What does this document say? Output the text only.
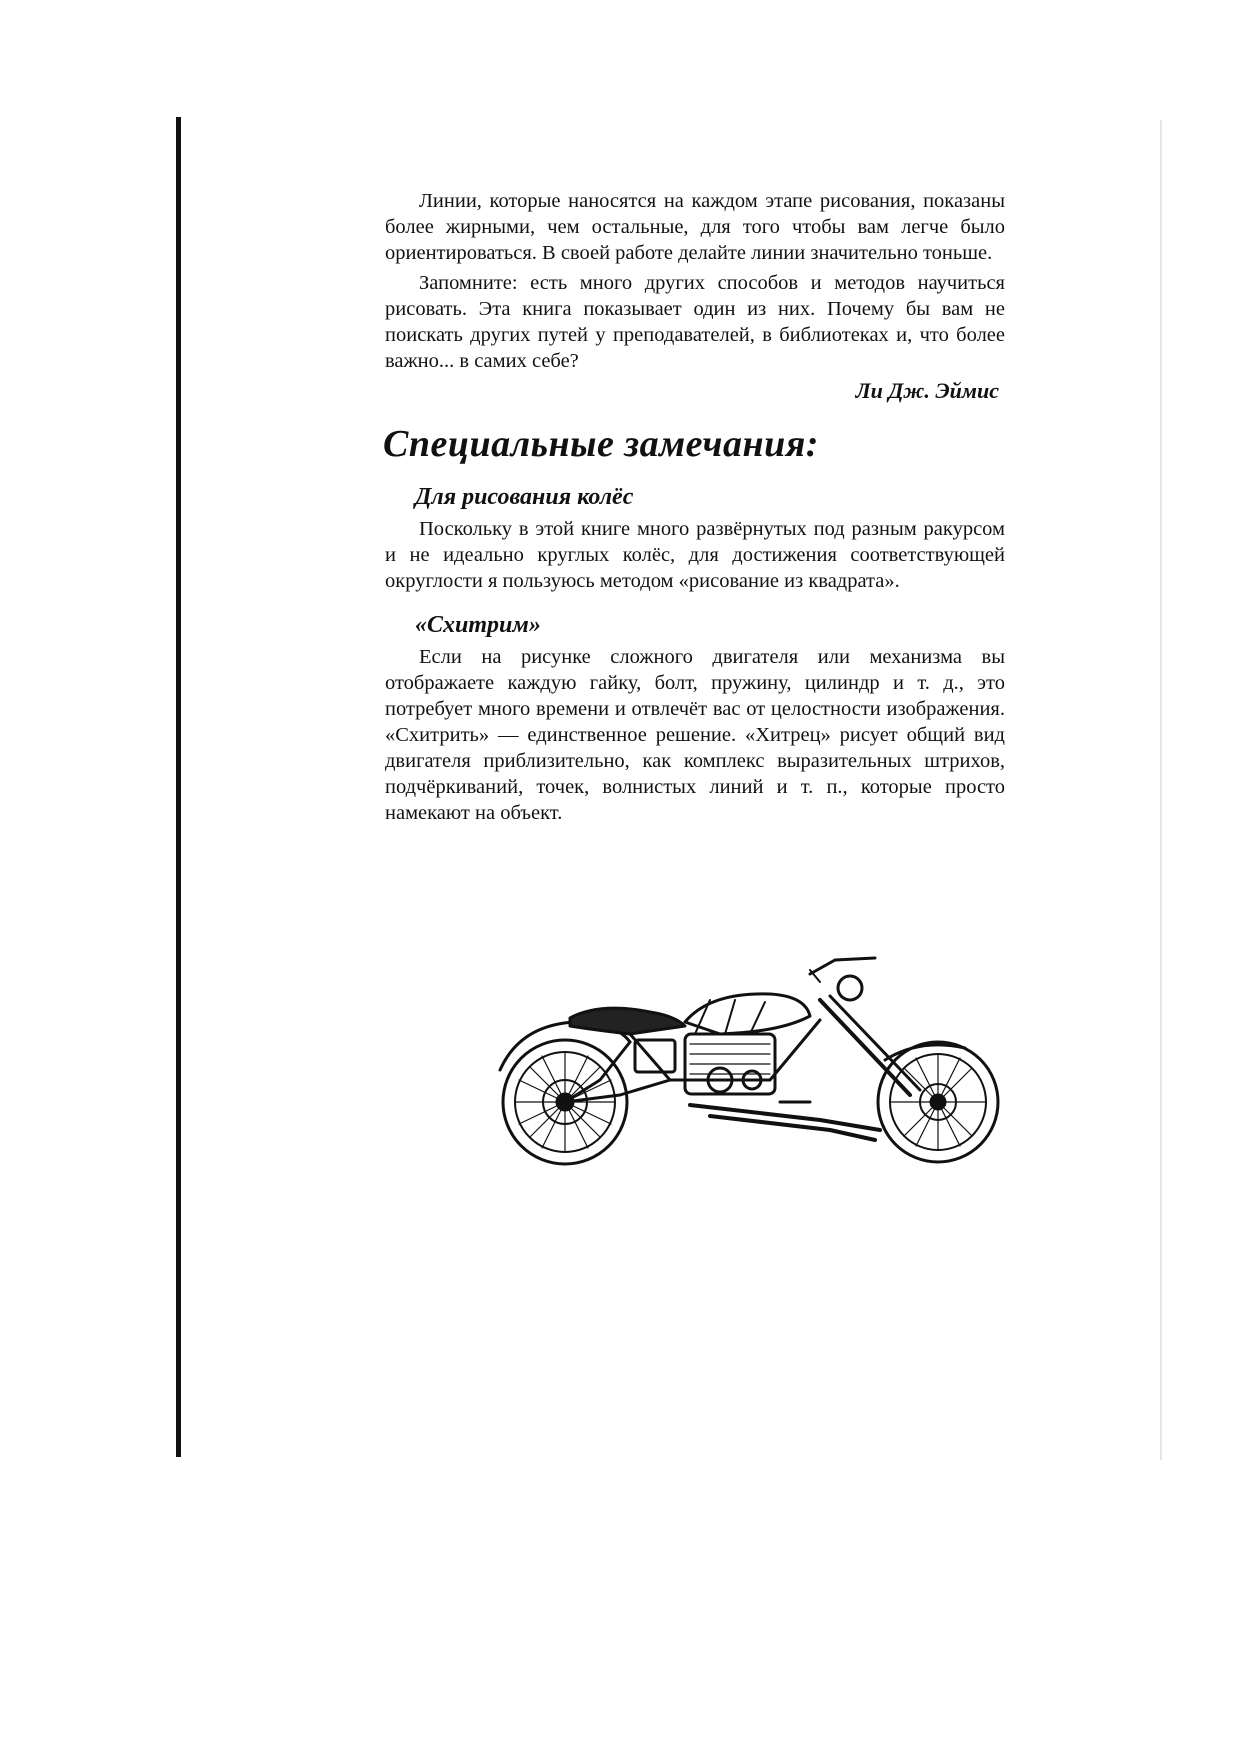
Линии, которые наносятся на каждом этапе рисования, показаны более жирными, чем остальные, для того чтобы вам легче было ориентироваться. В своей работе делайте линии значительно тоньше.

Запомните: есть много других способов и методов научиться рисовать. Эта книга показывает один из них. Почему бы вам не поискать других путей у преподавателей, в библиотеках и, что более важно... в самих себе?

Ли Дж. Эймис
Специальные замечания:
Для рисования колёс

Поскольку в этой книге много развёрнутых под разным ракурсом и не идеально круглых колёс, для достижения соответствующей округлости я пользуюсь методом «рисование из квадрата».

«Схитрим»

Если на рисунке сложного двигателя или механизма вы отображаете каждую гайку, болт, пружину, цилиндр и т. д., это потребует много времени и отвлечёт вас от целостности изображения. «Схитрить» — единственное решение. «Хитрец» рисует общий вид двигателя приблизительно, как комплекс выразительных штрихов, подчёркиваний, точек, волнистых линий и т. п., которые просто намекают на объект.
